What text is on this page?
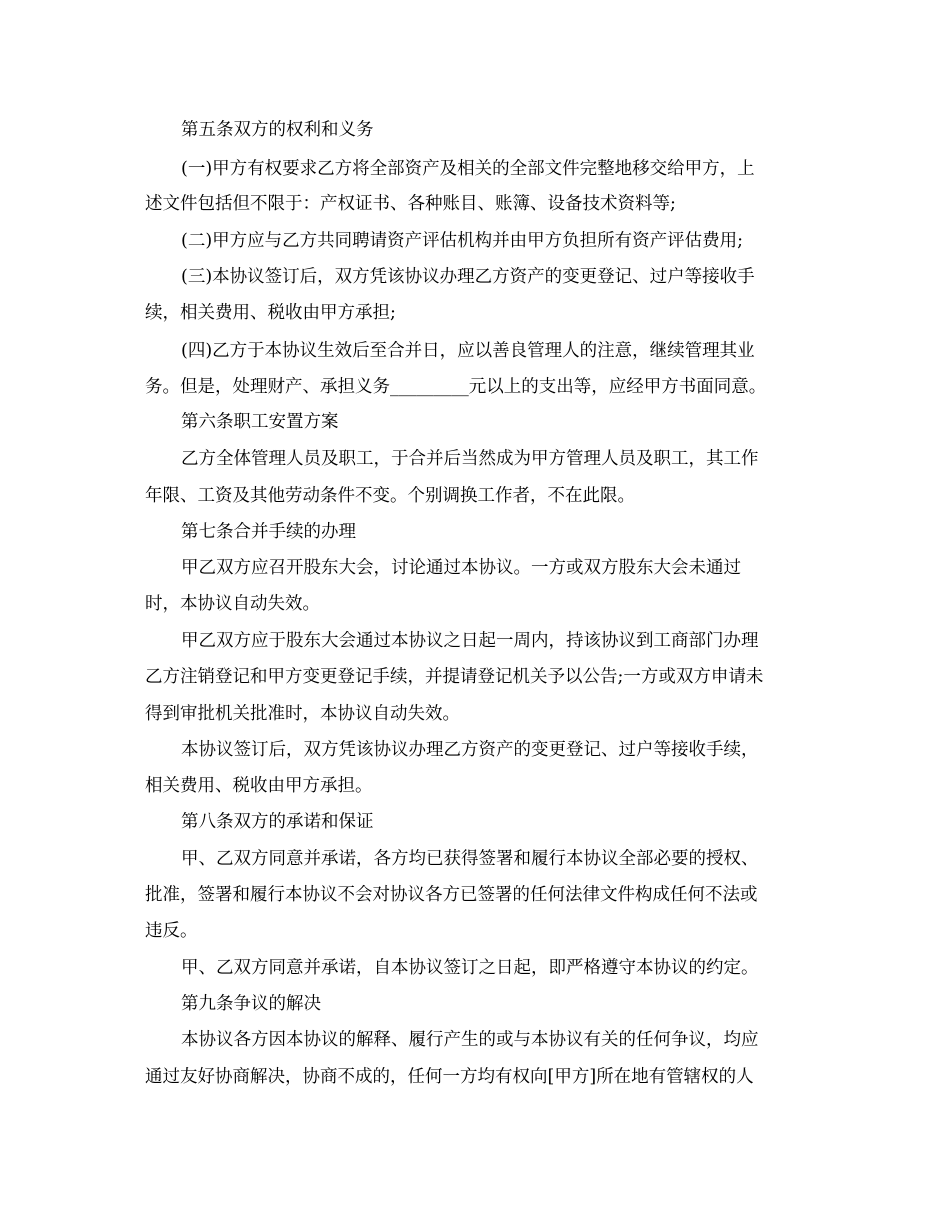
第五条双方的权利和义务
(一)甲方有权要求乙方将全部资产及相关的全部文件完整地移交给甲方，上
述文件包括但不限于：产权证书、各种账目、账簿、设备技术资料等;
(二)甲方应与乙方共同聘请资产评估机构并由甲方负担所有资产评估费用;
(三)本协议签订后，双方凭该协议办理乙方资产的变更登记、过户等接收手
续，相关费用、税收由甲方承担;
(四)乙方于本协议生效后至合并日，应以善良管理人的注意，继续管理其业
务。但是，处理财产、承担义务_________元以上的支出等，应经甲方书面同意。
第六条职工安置方案
乙方全体管理人员及职工，于合并后当然成为甲方管理人员及职工，其工作
年限、工资及其他劳动条件不变。个别调换工作者，不在此限。
第七条合并手续的办理
甲乙双方应召开股东大会，讨论通过本协议。一方或双方股东大会未通过
时，本协议自动失效。
甲乙双方应于股东大会通过本协议之日起一周内，持该协议到工商部门办理
乙方注销登记和甲方变更登记手续，并提请登记机关予以公告;一方或双方申请未
得到审批机关批准时，本协议自动失效。
本协议签订后，双方凭该协议办理乙方资产的变更登记、过户等接收手续，
相关费用、税收由甲方承担。
第八条双方的承诺和保证
甲、乙双方同意并承诺，各方均已获得签署和履行本协议全部必要的授权、
批准，签署和履行本协议不会对协议各方已签署的任何法律文件构成任何不法或
违反。
甲、乙双方同意并承诺，自本协议签订之日起，即严格遵守本协议的约定。
第九条争议的解决
本协议各方因本协议的解释、履行产生的或与本协议有关的任何争议，均应
通过友好协商解决，协商不成的，任何一方均有权向[甲方]所在地有管辖权的人
